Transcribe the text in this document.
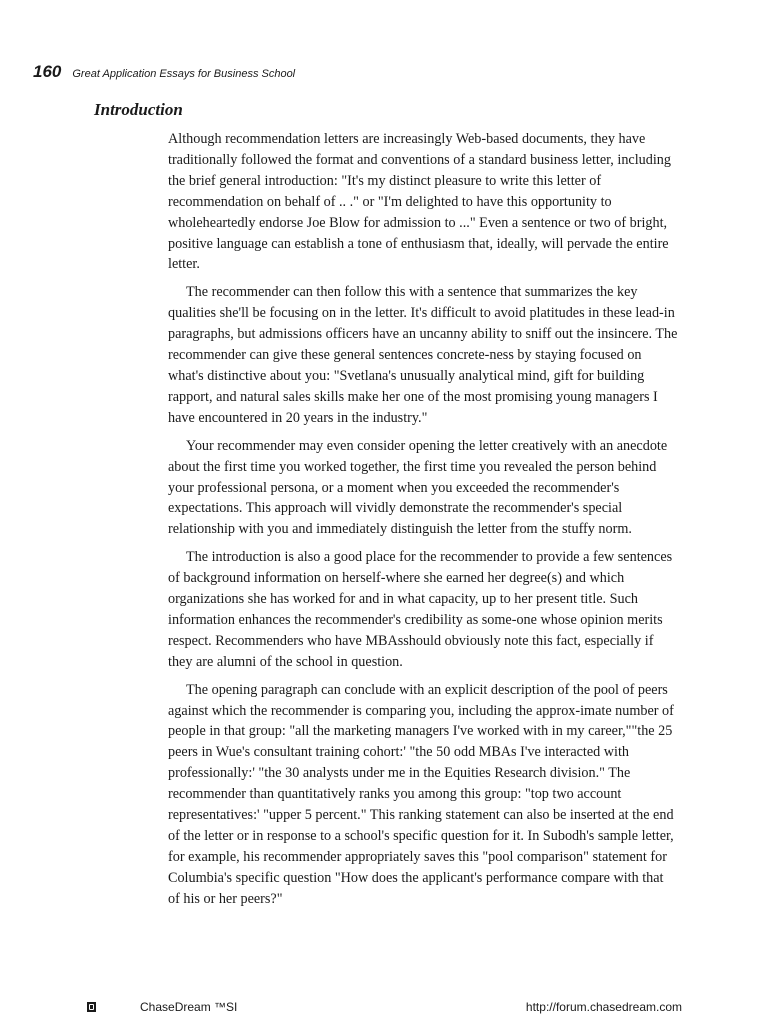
160 Great Application Essays for Business School
Introduction

Although recommendation letters are increasingly Web-based documents, they have traditionally followed the format and conventions of a standard business letter, including the brief general introduction: "It's my distinct pleasure to write this letter of recommendation on behalf of .. ." or "I'm delighted to have this opportunity to wholeheartedly endorse Joe Blow for admission to ..." Even a sentence or two of bright, positive language can establish a tone of enthusiasm that, ideally, will pervade the entire letter.

The recommender can then follow this with a sentence that summarizes the key qualities she'll be focusing on in the letter. It's difficult to avoid platitudes in these lead-in paragraphs, but admissions officers have an uncanny ability to sniff out the insincere. The recommender can give these general sentences concrete-ness by staying focused on what's distinctive about you: "Svetlana's unusually analytical mind, gift for building rapport, and natural sales skills make her one of the most promising young managers I have encountered in 20 years in the industry."

Your recommender may even consider opening the letter creatively with an anecdote about the first time you worked together, the first time you revealed the person behind your professional persona, or a moment when you exceeded the recommender's expectations. This approach will vividly demonstrate the recommender's special relationship with you and immediately distinguish the letter from the stuffy norm.

The introduction is also a good place for the recommender to provide a few sentences of background information on herself-where she earned her degree(s) and which organizations she has worked for and in what capacity, up to her present title. Such information enhances the recommender's credibility as some-one whose opinion merits respect. Recommenders who have MBAsshould obviously note this fact, especially if they are alumni of the school in question.

The opening paragraph can conclude with an explicit description of the pool of peers against which the recommender is comparing you, including the approx-imate number of people in that group: "all the marketing managers I've worked with in my career,""the 25 peers in Wue's consultant training cohort:' "the 50 odd MBAs I've interacted with professionally:' "the 30 analysts under me in the Equities Research division." The recommender than quantitatively ranks you among this group: "top two account representatives:' "upper 5 percent." This ranking statement can also be inserted at the end of the letter or in response to a school's specific question for it. In Subodh's sample letter, for example, his recommender appropriately saves this "pool comparison" statement for Columbia's specific question "How does the applicant's performance compare with that of his or her peers?"

ChaseDream ™SI	http://forum.chasedream.com
